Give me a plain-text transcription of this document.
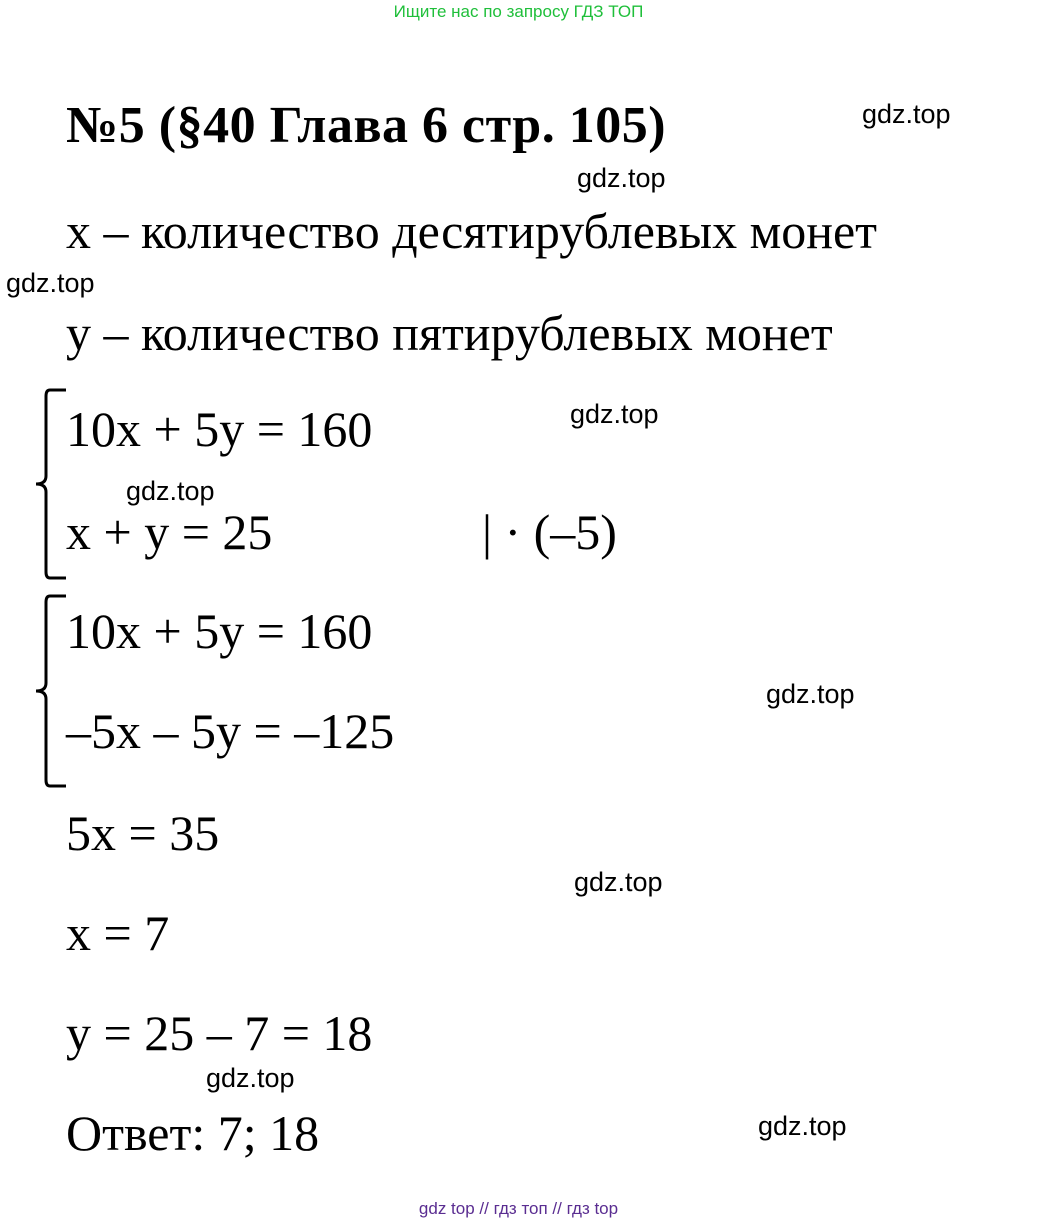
Ищите нас по запросу ГДЗ ТОП
№5 (§40 Глава 6 стр. 105)
x – количество десятирублевых монет
y – количество пятирублевых монет
10x + 5y = 160
x + y = 25	| · (–5)
10x + 5y = 160
–5x – 5y = –125
5x = 35
x = 7
y = 25 – 7 = 18
Ответ: 7; 18
gdz.top
gdz.top
gdz.top
gdz.top
gdz.top
gdz.top
gdz.top
gdz.top
gdz.top
gdz top // гдз топ // гдз top
